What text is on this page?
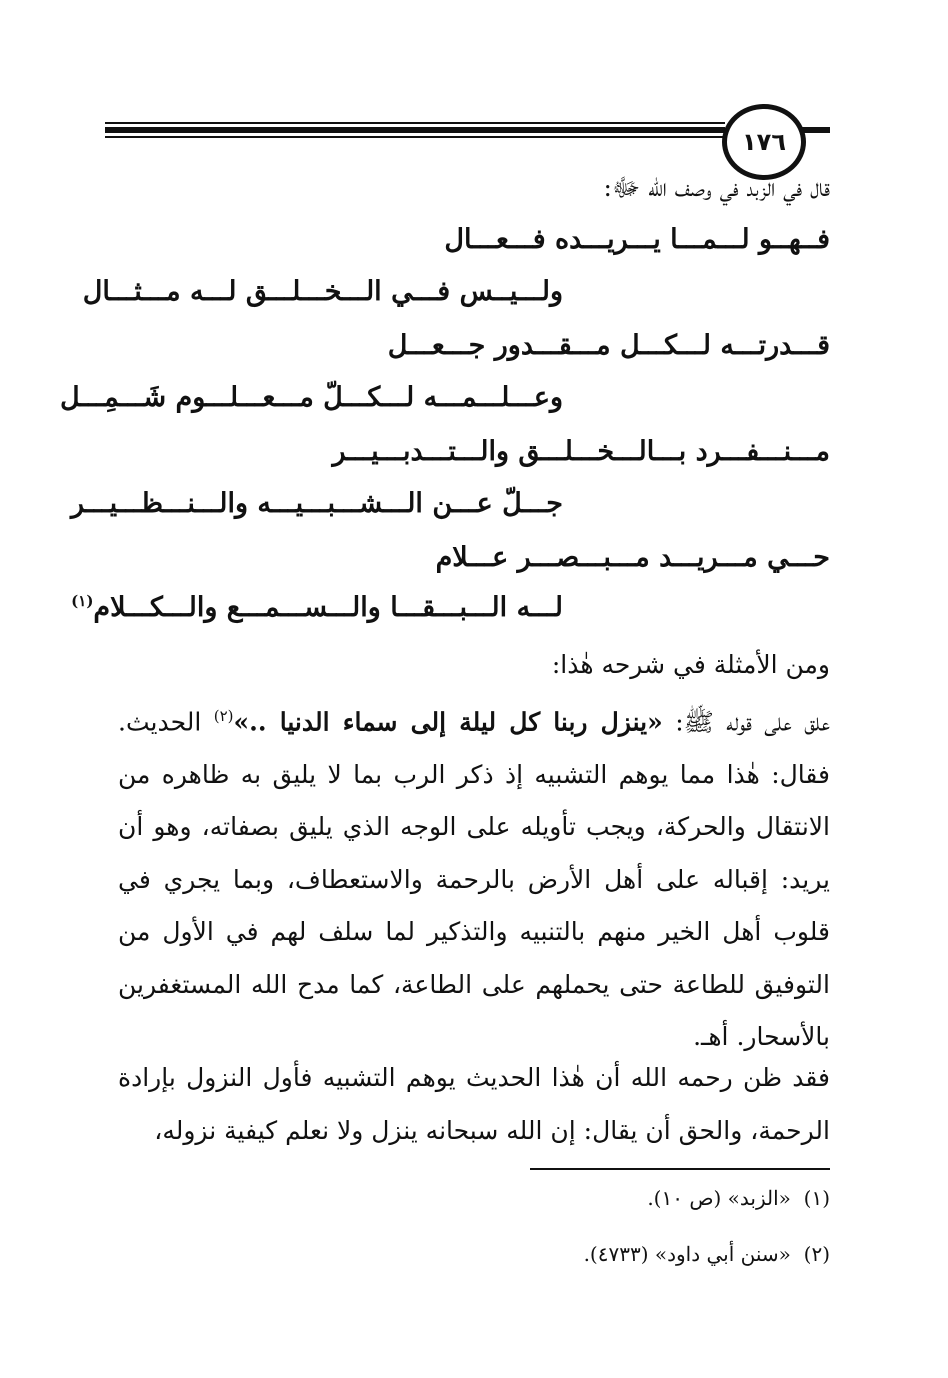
١٧٦
قال في الزبد في وصف الله ﷻ:
فــهــو لـــمـــا يـــريـــده فـــعـــال
ولـــيــس فـــي الـــخـــلـــق لـــه مـــثـــال
قـــدرتـــه لـــكـــل مـــقـــدور جـــعـــل
وعـــلـــمـــه لـــكـــلّ مـــعـــلـــوم شَـــمِـــل
مـــنـــفـــرد بـــالـــخـــلـــق والـــتـــدبـــيـــر
جـــلّ عـــن الـــشـــبـــيـــه والـــنـــظـــيـــر
حـــي مـــريـــد مـــبـــصـــر عـــلام
لـــه الـــبـــقـــا والـــســـمـــع والـــكـــلام$^{(١)}$
ومن الأمثلة في شرحه هٰذا:
علق على قوله ﷺ: «ينزل ربنا كل ليلة إلى سماء الدنيا ..»$^{(٢)}$ الحديث. فقال: هٰذا مما يوهم التشبيه إذ ذكر الرب بما لا يليق به ظاهره من الانتقال والحركة، ويجب تأويله على الوجه الذي يليق بصفاته، وهو أن يريد: إقباله على أهل الأرض بالرحمة والاستعطاف، وبما يجري في قلوب أهل الخير منهم بالتنبيه والتذكير لما سلف لهم في الأول من التوفيق للطاعة حتى يحملهم على الطاعة، كما مدح الله المستغفرين بالأسحار. أهـ.
فقد ظن رحمه الله أن هٰذا الحديث يوهم التشبيه فأول النزول بإرادة الرحمة، والحق أن يقال: إن الله سبحانه ينزل ولا نعلم كيفية نزوله،
(١)  «الزبد» (ص ١٠).
(٢)  «سنن أبي داود» (٤٧٣٣).
